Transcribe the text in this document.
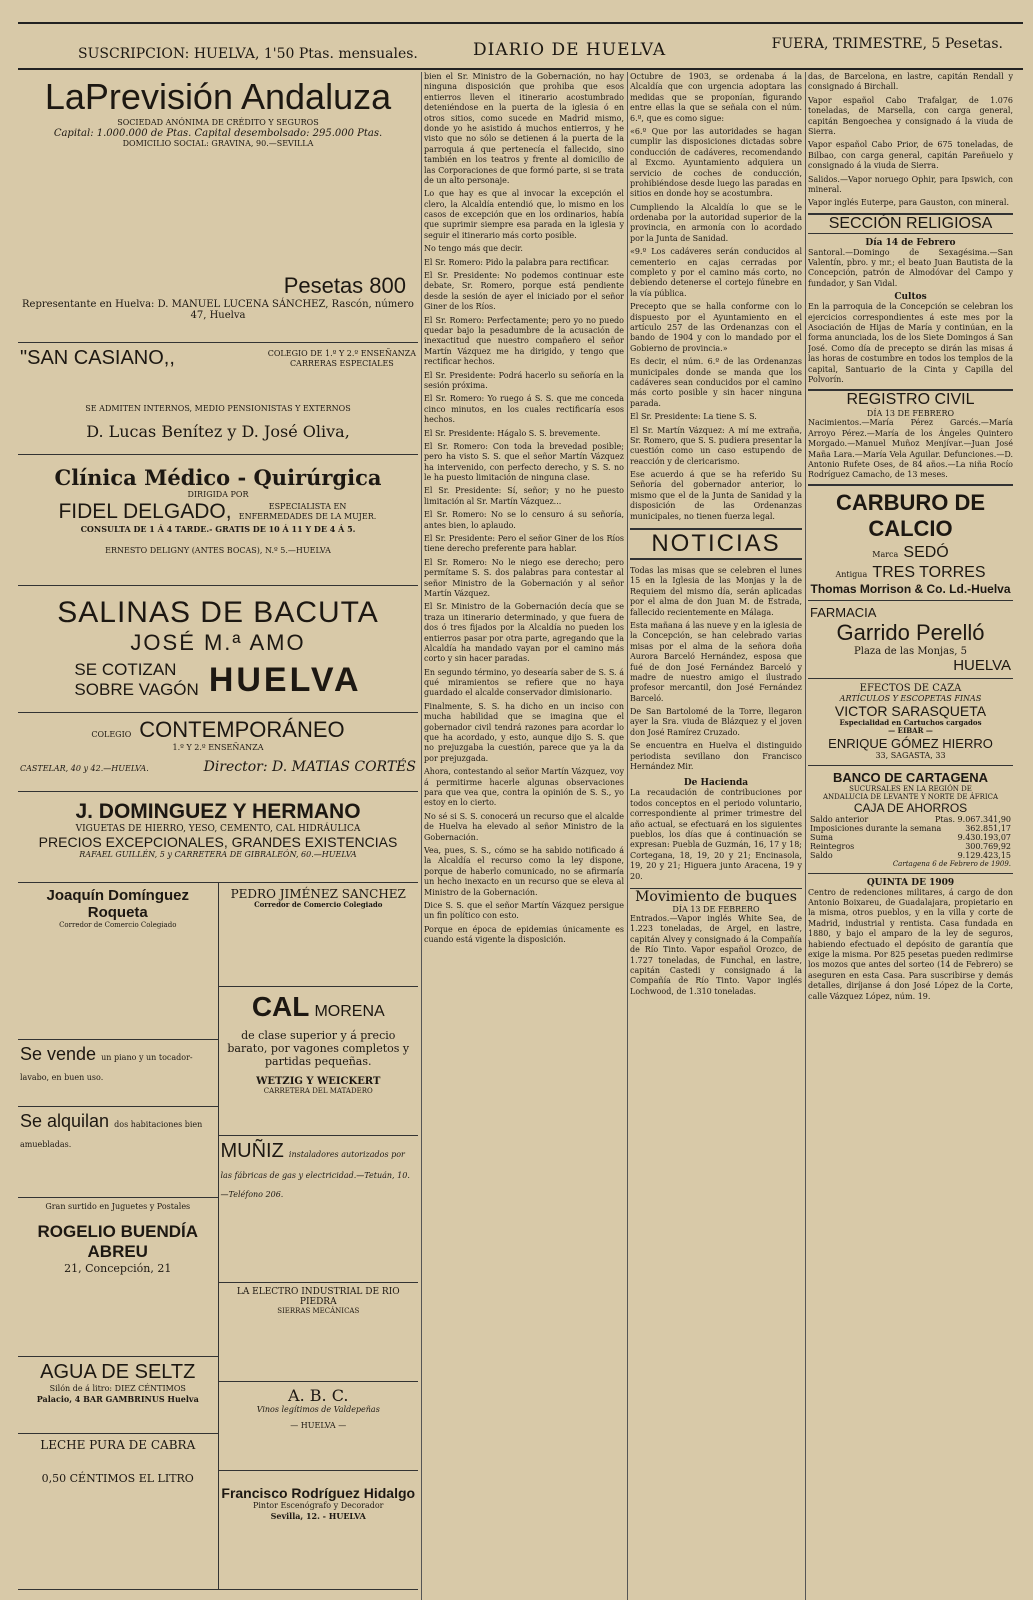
SUSCRIPCION: HUELVA, 1'50 Ptas. mensuales.	DIARIO DE HUELVA	FUERA, TRIMESTRE, 5 Pesetas.
LaPrevisión Andaluza
SOCIEDAD ANÓNIMA DE CRÉDITO Y SEGUROS
Capital: 1.000.000 de Ptas. Capital desembolsado: 295.000 Ptas.
DOMICILIO SOCIAL: GRAVINA, 90.—SEVILLA
Pesetas 800
Representante en Huelva: D. MANUEL LUCENA SÁNCHEZ, Rascón, número 47, Huelva
"SAN CASIANO,,	COLEGIO DE 1.º Y 2.º ENSEÑANZA
CARRERAS ESPECIALES
SE ADMITEN INTERNOS, MEDIO PENSIONISTAS Y EXTERNOS
D. Lucas Benítez y D. José Oliva,
Clínica Médico - Quirúrgica
DIRIGIDA POR
FIDEL DELGADO,	ESPECIALISTA EN ENFERMEDADES DE LA MUJER.
CONSULTA DE 1 Á 4 TARDE.- GRATIS DE 10 Á 11 Y DE 4 Á 5.
ERNESTO DELIGNY (ANTES BOCAS), N.º 5.—HUELVA
SALINAS DE BACUTA
JOSÉ M.ª AMO
SE COTIZAN
SOBRE VAGÓN HUELVA
COLEGIO CONTEMPORÁNEO
1.º Y 2.º ENSEÑANZA
CASTELAR, 40 y 42.—HUELVA.	Director: D. MATIAS CORTÉS
J. DOMINGUEZ Y HERMANO
VIGUETAS DE HIERRO, YESO, CEMENTO, CAL HIDRÁULICA
PRECIOS EXCEPCIONALES, GRANDES EXISTENCIAS
RAFAEL GUILLÉN, 5 y CARRETERA DE GIBRALEÓN, 60.—HUELVA
Joaquín Domínguez Roqueta
Corredor de Comercio Colegiado
Se vende un piano y un tocador-lavabo, en buen uso.
Se alquilan dos habitaciones bien amuebladas.
Gran surtido en Juguetes y Postales
ROGELIO BUENDÍA ABREU
21, Concepción, 21
AGUA DE SELTZ
Silón de á litro: DIEZ CÉNTIMOS
Palacio, 4 BAR GAMBRINUS Huelva
LECHE PURA DE CABRA
0,50 CÉNTIMOS EL LITRO
PEDRO JIMÉNEZ SANCHEZ
Corredor de Comercio Colegiado
CAL MORENA
de clase superior y á precio barato, por vagones completos y partidas pequeñas.
WETZIG Y WEICKERT
CARRETERA DEL MATADERO
MUÑIZ instaladores autorizados por las fábricas de gas y electricidad.—Tetuán, 10.—Teléfono 206.
LA ELECTRO INDUSTRIAL DE RIO PIEDRA
SIERRAS MECÁNICAS
A. B. C.
Vinos legítimos de Valdepeñas
— HUELVA —
Francisco Rodríguez Hidalgo
Pintor Escenógrafo y Decorador
Sevilla, 12. - HUELVA

bien el Sr. Ministro de la Gobernación, no hay ninguna disposición que prohiba que esos entierros lleven el itinerario acostumbrado deteniéndose en la puerta de la iglesia ó en otros sitios, como sucede en Madrid mismo, donde yo he asistido á muchos entierros, y he visto que no sólo se detienen á la puerta de la parroquia á que pertenecía el fallecido, sino también en los teatros y frente al domicilio de las Corporaciones de que formó parte, si se trata de un alto personaje.

Lo que hay es que al invocar la excepción el clero, la Alcaldía entendió que, lo mismo en los casos de excepción que en los ordinarios, había que suprimir siempre esa parada en la iglesia y seguir el itinerario más corto posible.

No tengo más que decir.

El Sr. Romero: Pido la palabra para rectificar.

El Sr. Presidente: No podemos continuar este debate, Sr. Romero, porque está pendiente desde la sesión de ayer el iniciado por el señor Giner de los Ríos.

El Sr. Romero: Perfectamente; pero yo no puedo quedar bajo la pesadumbre de la acusación de inexactitud que nuestro compañero el señor Martín Vázquez me ha dirigido, y tengo que rectificar hechos.

El Sr. Presidente: Podrá hacerlo su señoría en la sesión próxima.

El Sr. Romero: Yo ruego á S. S. que me conceda cinco minutos, en los cuales rectificaría esos hechos.

El Sr. Presidente: Hágalo S. S. brevemente.

El Sr. Romero: Con toda la brevedad posible; pero ha visto S. S. que el señor Martín Vázquez ha intervenido, con perfecto derecho, y S. S. no le ha puesto limitación de ninguna clase.

El Sr. Presidente: Sí, señor; y no he puesto limitación al Sr. Martín Vázquez...

El Sr. Romero: No se lo censuro á su señoría, antes bien, lo aplaudo.

El Sr. Presidente: Pero el señor Giner de los Ríos tiene derecho preferente para hablar.

El Sr. Romero: No le niego ese derecho; pero permítame S. S. dos palabras para contestar al señor Ministro de la Gobernación y al señor Martín Vázquez.

El Sr. Ministro de la Gobernación decía que se traza un itinerario determinado, y que fuera de dos ó tres fijados por la Alcaldía no pueden los entierros pasar por otra parte, agregando que la Alcaldía ha mandado vayan por el camino más corto y sin hacer paradas.

En segundo término, yo desearía saber de S. S. á qué miramientos se refiere que no haya guardado el alcalde conservador dimisionario.

Finalmente, S. S. ha dicho en un inciso con mucha habilidad que se imagina que el gobernador civil tendrá razones para acordar lo que ha acordado, y esto, aunque dijo S. S. que no prejuzgaba la cuestión, parece que ya la da por prejuzgada.

Ahora, contestando al señor Martín Vázquez, voy á permitirme hacerle algunas observaciones para que vea que, contra la opinión de S. S., yo estoy en lo cierto.

No sé si S. S. conocerá un recurso que el alcalde de Huelva ha elevado al señor Ministro de la Gobernación.

Vea, pues, S. S., cómo se ha sabido notificado á la Alcaldía el recurso como la ley dispone, porque de haberlo comunicado, no se afirmaría un hecho inexacto en un recurso que se eleva al Ministro de la Gobernación.

Dice S. S. que el señor Martín Vázquez persigue un fin político con esto.

Porque en época de epidemias únicamente es cuando está vigente la disposición.

Octubre de 1903, se ordenaba á la Alcaldía que con urgencia adoptara las medidas que se proponían, figurando entre ellas la que se señala con el núm. 6.º, que es como sigue:

«6.º Que por las autoridades se hagan cumplir las disposiciones dictadas sobre conducción de cadáveres, recomendando al Excmo. Ayuntamiento adquiera un servicio de coches de conducción, prohibiéndose desde luego las paradas en sitios en donde hoy se acostumbra.

Cumpliendo la Alcaldía lo que se le ordenaba por la autoridad superior de la provincia, en armonía con lo acordado por la Junta de Sanidad.

«9.º Los cadáveres serán conducidos al cementerio en cajas cerradas por completo y por el camino más corto, no debiendo detenerse el cortejo fúnebre en la vía pública.

Precepto que se halla conforme con lo dispuesto por el Ayuntamiento en el artículo 257 de las Ordenanzas con el bando de 1904 y con lo mandado por el Gobierno de provincia.»

Es decir, el núm. 6.º de las Ordenanzas municipales donde se manda que los cadáveres sean conducidos por el camino más corto posible y sin hacer ninguna parada.

El Sr. Presidente: La tiene S. S.

El Sr. Martín Vázquez: A mí me extraña, Sr. Romero, que S. S. pudiera presentar la cuestión como un caso estupendo de reacción y de clericarismo.

Ese acuerdo á que se ha referido Su Señoría del gobernador anterior, lo mismo que el de la Junta de Sanidad y la disposición de las Ordenanzas municipales, no tienen fuerza legal.

NOTICIAS

Todas las misas que se celebren el lunes 15 en la Iglesia de las Monjas y la de Requiem del mismo día, serán aplicadas por el alma de don Juan M. de Estrada, fallecido recientemente en Málaga.

Esta mañana á las nueve y en la iglesia de la Concepción, se han celebrado varias misas por el alma de la señora doña Aurora Barceló Hernández, esposa que fué de don José Fernández Barceló y madre de nuestro amigo el ilustrado profesor mercantil, don José Fernández Barceló.

De San Bartolomé de la Torre, llegaron ayer la Sra. viuda de Blázquez y el joven don José Ramírez Cruzado.

Se encuentra en Huelva el distinguido periodista sevillano don Francisco Hernández Mir.

De Hacienda

La recaudación de contribuciones por todos conceptos en el periodo voluntario, correspondiente al primer trimestre del año actual, se efectuará en los siguientes pueblos, los días que á continuación se expresan: Puebla de Guzmán, 16, 17 y 18; Cortegana, 18, 19, 20 y 21; Encinasola, 19, 20 y 21; Higuera junto Aracena, 19 y 20.

Movimiento de buques
DÍA 13 DE FEBRERO

Entrados.—Vapor inglés White Sea, de 1.223 toneladas, de Argel, en lastre, capitán Alvey y consignado á la Compañía de Río Tinto. Vapor español Orozco, de 1.727 toneladas, de Funchal, en lastre, capitán Castedi y consignado á la Compañía de Río Tinto. Vapor inglés Lochwood, de 1.310 toneladas.

das, de Barcelona, en lastre, capitán Rendall y consignado á Birchall.

Vapor español Cabo Trafalgar, de 1.076 toneladas, de Marsella, con carga general, capitán Bengoechea y consignado á la viuda de Sierra.

Vapor español Cabo Prior, de 675 toneladas, de Bilbao, con carga general, capitán Pareñuelo y consignado á la viuda de Sierra.

Salidos.—Vapor noruego Ophir, para Ipswich, con mineral.

Vapor inglés Euterpe, para Gauston, con mineral.

SECCIÓN RELIGIOSA
Día 14 de Febrero

Santoral.—Domingo de Sexagésima.—San Valentín, pbro. y mr.; el beato Juan Bautista de la Concepción, patrón de Almodóvar del Campo y fundador, y San Vidal.

Cultos

En la parroquia de la Concepción se celebran los ejercicios correspondientes á este mes por la Asociación de Hijas de María y continúan, en la forma anunciada, los de los Siete Domingos á San José. Como día de precepto se dirán las misas á las horas de costumbre en todos los templos de la capital, Santuario de la Cinta y Capilla del Polvorín.

REGISTRO CIVIL
DÍA 13 DE FEBRERO

Nacimientos.—María Pérez Garcés.—María Arroyo Pérez.—María de los Ángeles Quintero Morgado.—Manuel Muñoz Menjívar.—Juan José Maña Lara.—María Vela Aguilar. Defunciones.—D. Antonio Rufete Oses, de 84 años.—La niña Rocío Rodríguez Camacho, de 13 meses.

CARBURO DE CALCIO
Marca SEDÓ
Antigua TRES TORRES
Thomas Morrison & Co. Ld.-Huelva
FARMACIA
Garrido Perelló
Plaza de las Monjas, 5
HUELVA
EFECTOS DE CAZA
ARTÍCULOS Y ESCOPETAS FINAS
VICTOR SARASQUETA
Especialidad en Cartuchos cargados
— EIBAR —
ENRIQUE GÓMEZ HIERRO
33, SAGASTA, 33
BANCO DE CARTAGENA
SUCURSALES EN LA REGIÓN DE
ANDALUCIA DE LEVANTE Y NORTE DE ÁFRICA
CAJA DE AHORROS
Saldo anterior	Ptas. 9.067.341,90
Imposiciones durante la semana	362.851,17
Suma	9.430.193,07
Reintegros	300.769,92
Saldo	9.129.423,15
Cartagena 6 de Febrero de 1909.
QUINTA DE 1909

Centro de redenciones militares, á cargo de don Antonio Boixareu, de Guadalajara, propietario en la misma, otros pueblos, y en la villa y corte de Madrid, industrial y rentista. Casa fundada en 1880, y bajo el amparo de la ley de seguros, habiendo efectuado el depósito de garantía que exige la misma. Por 825 pesetas pueden redimirse los mozos que antes del sorteo (14 de Febrero) se aseguren en esta Casa. Para suscribirse y demás detalles, diríjanse á don José López de la Corte, calle Vázquez López, núm. 19.
